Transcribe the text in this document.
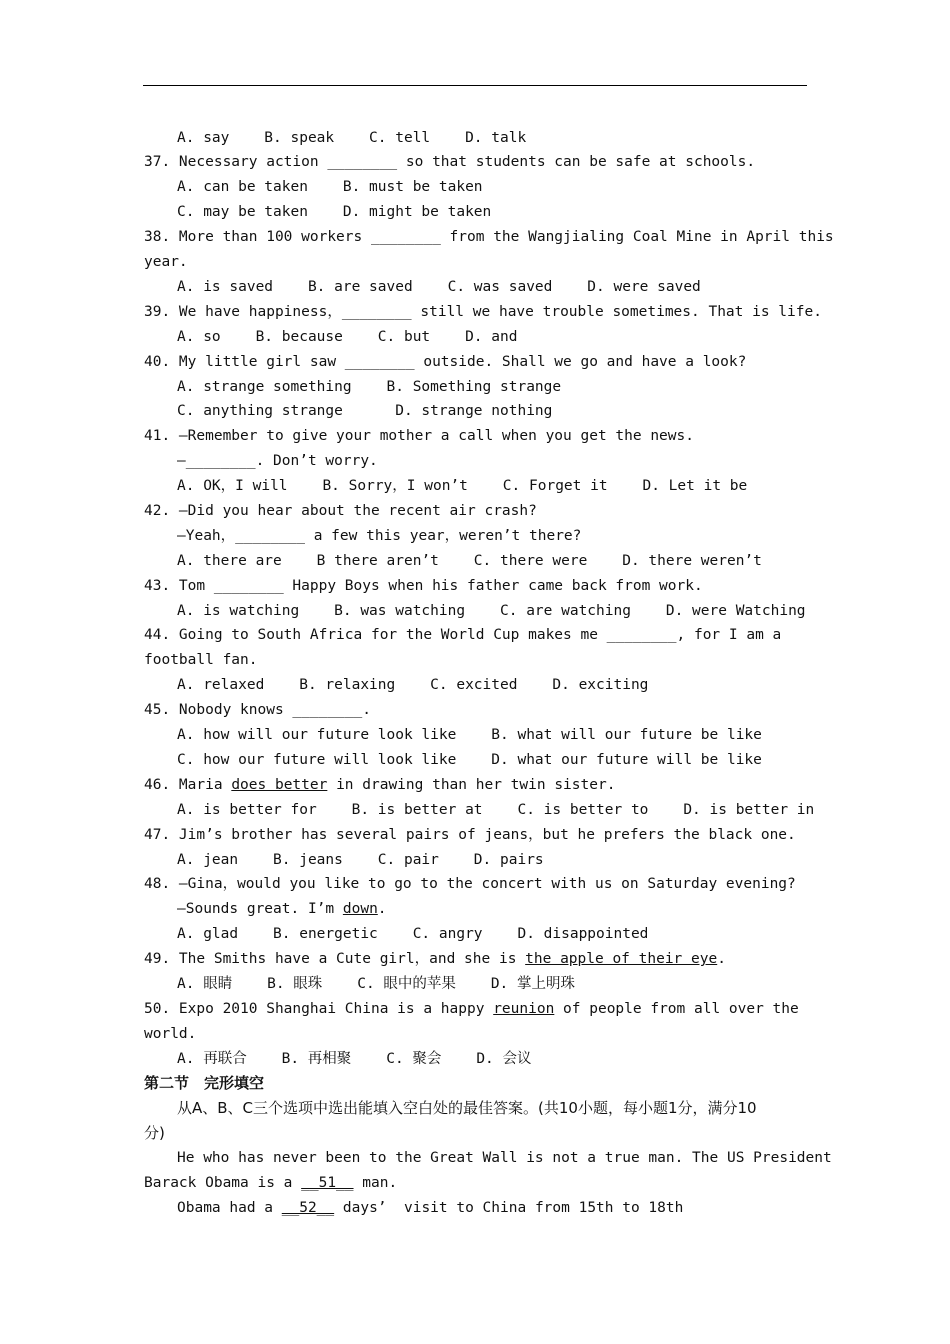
A. say    B. speak    C. tell    D. talk
37. Necessary action ________ so that students can be safe at schools.
A. can be taken    B. must be taken
C. may be taken    D. might be taken
38. More than 100 workers ________ from the Wangjialing Coal Mine in April this
year.
A. is saved    B. are saved    C. was saved    D. were saved
39. We have happiness，________ still we have trouble sometimes. That is life.
A. so    B. because    C. but    D. and
40. My little girl saw ________ outside. Shall we go and have a look?
A. strange something    B. Something strange
C. anything strange      D. strange nothing
41. —Remember to give your mother a call when you get the news.
—________. Don’t worry.
A. OK，I will    B. Sorry，I won’t    C. Forget it    D. Let it be
42. —Did you hear about the recent air crash?
—Yeah，________ a few this year，weren’t there?
A. there are    B there aren’t    C. there were    D. there weren’t
43. Tom ________ Happy Boys when his father came back from work.
A. is watching    B. was watching    C. are watching    D. were Watching
44. Going to South Africa for the World Cup makes me ________, for I am a
football fan.
A. relaxed    B. relaxing    C. excited    D. exciting
45. Nobody knows ________.
A. how will our future look like    B. what will our future be like
C. how our future will look like    D. what our future will be like
46. Maria does better in drawing than her twin sister.
A. is better for    B. is better at    C. is better to    D. is better in
47. Jim’s brother has several pairs of jeans，but he prefers the black one.
A. jean    B. jeans    C. pair    D. pairs
48. —Gina，would you like to go to the concert with us on Saturday evening?
—Sounds great. I’m down.
A. glad    B. energetic    C. angry    D. disappointed
49. The Smiths have a Cute girl，and she is the apple of their eye.
A. 眼睛    B. 眼珠    C. 眼中的苹果    D. 掌上明珠
50. Expo 2010 Shanghai China is a happy reunion of people from all over the
world.
A. 再联合    B. 再相聚    C. 聚会    D. 会议
第二节　完形填空
从A、B、C三个选项中选出能填入空白处的最佳答案。(共10小题，每小题1分，满分10
分)
He who has never been to the Great Wall is not a true man. The US President
Barack Obama is a __51__ man.
Obama had a __52__ days’  visit to China from 15th to 18th
